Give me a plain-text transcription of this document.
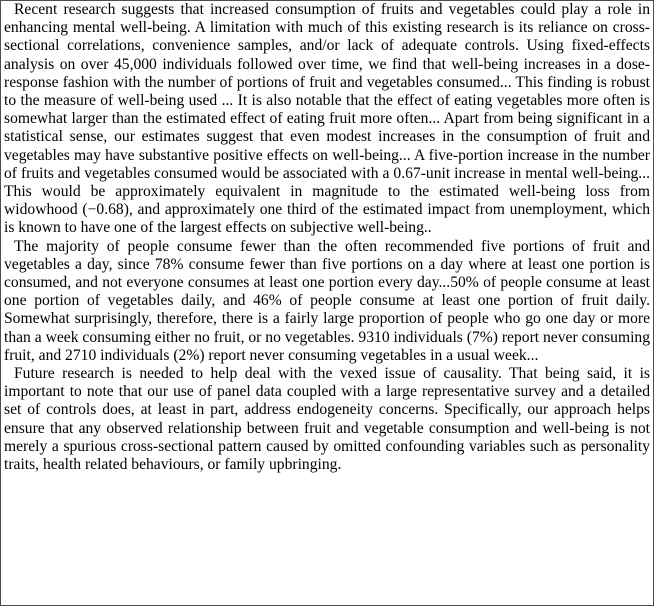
Recent research suggests that increased consumption of fruits and vegetables could play a role in enhancing mental well-being. A limitation with much of this existing research is its reliance on cross-sectional correlations, convenience samples, and/or lack of adequate controls. Using fixed-effects analysis on over 45,000 individuals followed over time, we find that well-being increases in a dose-response fashion with the number of portions of fruit and vegetables consumed... This finding is robust to the measure of well-being used ... It is also notable that the effect of eating vegetables more often is somewhat larger than the estimated effect of eating fruit more often... Apart from being significant in a statistical sense, our estimates suggest that even modest increases in the consumption of fruit and vegetables may have substantive positive effects on well-being... A five-portion increase in the number of fruits and vegetables consumed would be associated with a 0.67-unit increase in mental well-being... This would be approximately equivalent in magnitude to the estimated well-being loss from widowhood (−0.68), and approximately one third of the estimated impact from unemployment, which is known to have one of the largest effects on subjective well-being..

The majority of people consume fewer than the often recommended five portions of fruit and vegetables a day, since 78% consume fewer than five portions on a day where at least one portion is consumed, and not everyone consumes at least one portion every day...50% of people consume at least one portion of vegetables daily, and 46% of people consume at least one portion of fruit daily. Somewhat surprisingly, therefore, there is a fairly large proportion of people who go one day or more than a week consuming either no fruit, or no vegetables. 9310 individuals (7%) report never consuming fruit, and 2710 individuals (2%) report never consuming vegetables in a usual week...

Future research is needed to help deal with the vexed issue of causality. That being said, it is important to note that our use of panel data coupled with a large representative survey and a detailed set of controls does, at least in part, address endogeneity concerns. Specifically, our approach helps ensure that any observed relationship between fruit and vegetable consumption and well-being is not merely a spurious cross-sectional pattern caused by omitted confounding variables such as personality traits, health related behaviours, or family upbringing.
